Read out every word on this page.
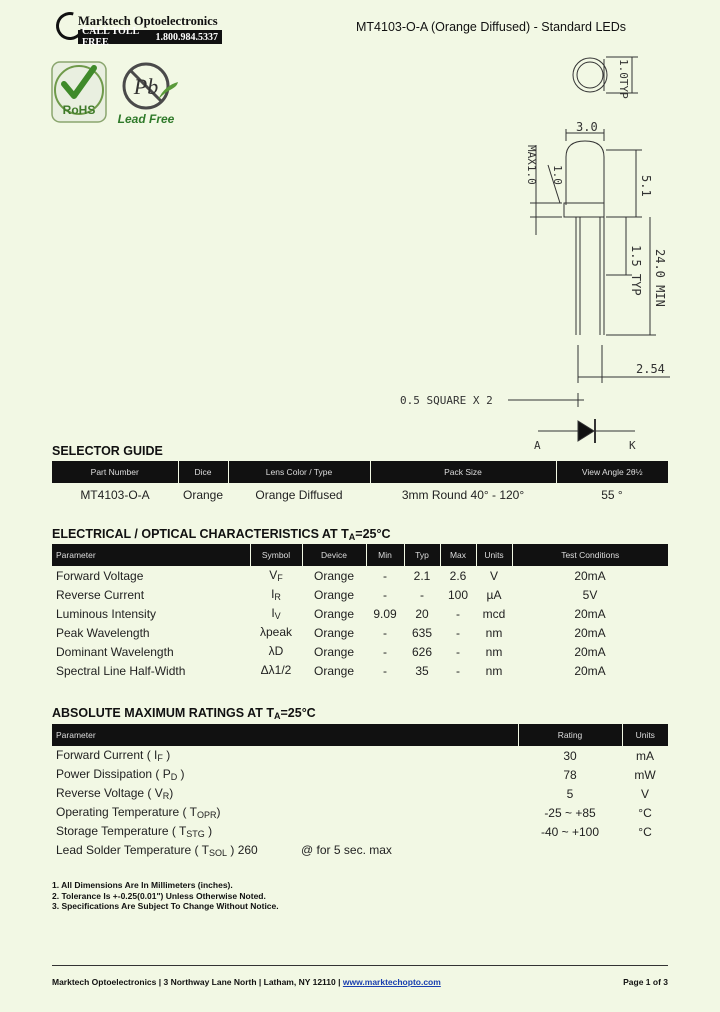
Marktech Optoelectronics
CALL TOLL FREE	1.800.984.5337
MT4103-O-A (Orange Diffused) - Standard LEDs
RoHS
Pb
Lead Free
1.0TYP
3.0
MAX1.0 1.0
5.1
24.0 MIN
1.5 TYP
2.54
0.5 SQUARE X 2
A	K
SELECTOR GUIDE
Part Number	Dice	Lens Color / Type	Pack Size	View Angle 2θ½
MT4103-O-A	Orange	Orange Diffused	3mm Round 40° - 120°	55 °
ELECTRICAL / OPTICAL CHARACTERISTICS AT $T_A=25^\circ C$
Parameter	Symbol	Device	Min	Typ	Max	Units	Test Conditions
Forward Voltage	$V_F$	Orange	-	2.1	2.6	V	20mA
Reverse Current	$I_R$	Orange	-	-	100	µA	5V
Luminous Intensity	$I_V$	Orange	9.09	20	-	mcd	20mA
Peak Wavelength	λpeak	Orange	-	635	-	nm	20mA
Dominant Wavelength	λD	Orange	-	626	-	nm	20mA
Spectral Line Half-Width	Δλ1/2	Orange	-	35	-	nm	20mA
ABSOLUTE MAXIMUM RATINGS AT $T_A=25^\circ C$
Parameter	Rating	Units
Forward Current ( $I_F$ )	30	mA
Power Dissipation ( $P_D$ )	78	mW
Reverse Voltage ( $V_R$)	5	V
Operating Temperature ( $T_{OPR}$)	-25 ~ +85	°C
Storage Temperature ( $T_{STG}$ )	-40 ~ +100	°C
Lead Solder Temperature ( $T_{SOL}$ ) 260 @ for 5 sec. max		
1. All Dimensions Are In Millimeters (inches).
2. Tolerance Is +-0.25(0.01") Unless Otherwise Noted.
3. Specifications Are Subject To Change Without Notice.
Marktech Optoelectronics | 3 Northway Lane North | Latham, NY 12110 | www.marktechopto.com	Page 1 of 3
